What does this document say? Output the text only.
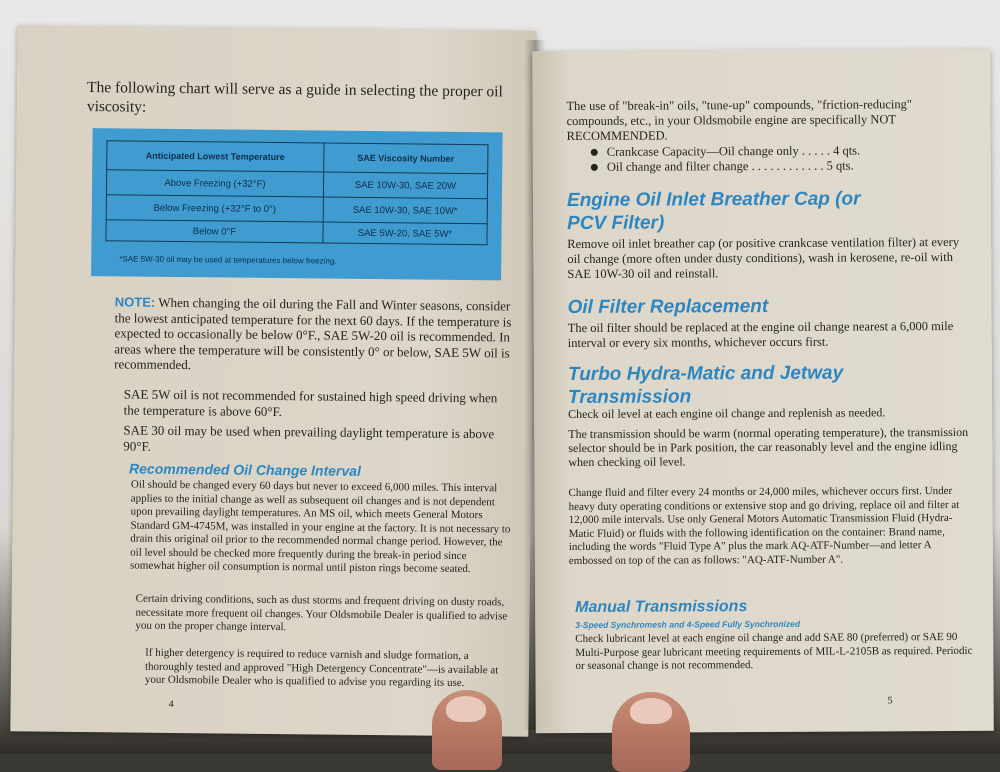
The following chart will serve as a guide in selecting the proper oil viscosity:

Anticipated Lowest Temperature	SAE Viscosity Number
Above Freezing (+32°F)	SAE 10W-30, SAE 20W
Below Freezing (+32°F to 0°)	SAE 10W-30, SAE 10W*
Below 0°F	SAE 5W-20, SAE 5W*

*SAE 5W-30 oil may be used at temperatures below freezing.

NOTE: When changing the oil during the Fall and Winter seasons, consider the lowest anticipated temperature for the next 60 days. If the temperature is expected to occasionally be below 0°F., SAE 5W-20 oil is recommended. In areas where the temperature will be consistently 0° or below, SAE 5W oil is recommended.

SAE 5W oil is not recommended for sustained high speed driving when the temperature is above 60°F.

SAE 30 oil may be used when prevailing daylight temperature is above 90°F.

Recommended Oil Change Interval

Oil should be changed every 60 days but never to exceed 6,000 miles. This interval applies to the initial change as well as subsequent oil changes and is not dependent upon prevailing daylight temperatures. An MS oil, which meets General Motors Standard GM-4745M, was installed in your engine at the factory. It is not necessary to drain this original oil prior to the recommended normal change period. However, the oil level should be checked more frequently during the break-in period since somewhat higher oil consumption is normal until piston rings become seated.

Certain driving conditions, such as dust storms and frequent driving on dusty roads, necessitate more frequent oil changes. Your Oldsmobile Dealer is qualified to advise you on the proper change interval.

If higher detergency is required to reduce varnish and sludge formation, a thoroughly tested and approved "High Detergency Concentrate"—is available at your Oldsmobile Dealer who is qualified to advise you regarding its use.

4

The use of "break-in" oils, "tune-up" compounds, "friction-reducing" compounds, etc., in your Oldsmobile engine are specifically NOT RECOMMENDED.

Crankcase Capacity—Oil change only . . . . . 4 qts.
Oil change and filter change . . . . . . . . . . . . 5 qts.
Engine Oil Inlet Breather Cap (or PCV Filter)

Remove oil inlet breather cap (or positive crankcase ventilation filter) at every oil change (more often under dusty conditions), wash in kerosene, re-oil with SAE 10W-30 oil and reinstall.

Oil Filter Replacement

The oil filter should be replaced at the engine oil change nearest a 6,000 mile interval or every six months, whichever occurs first.

Turbo Hydra-Matic and Jetway Transmission

Check oil level at each engine oil change and replenish as needed.

The transmission should be warm (normal operating temperature), the transmission selector should be in Park position, the car reasonably level and the engine idling when checking oil level.

Change fluid and filter every 24 months or 24,000 miles, whichever occurs first. Under heavy duty operating conditions or extensive stop and go driving, replace oil and filter at 12,000 mile intervals. Use only General Motors Automatic Transmission Fluid (Hydra-Matic Fluid) or fluids with the following identification on the container: Brand name, including the words "Fluid Type A" plus the mark AQ-ATF-Number—and letter A embossed on top of the can as follows: "AQ-ATF-Number A".

Manual Transmissions

3-Speed Synchromesh and 4-Speed Fully Synchronized

Check lubricant level at each engine oil change and add SAE 80 (preferred) or SAE 90 Multi-Purpose gear lubricant meeting requirements of MIL-L-2105B as required. Periodic or seasonal change is not recommended.

5
